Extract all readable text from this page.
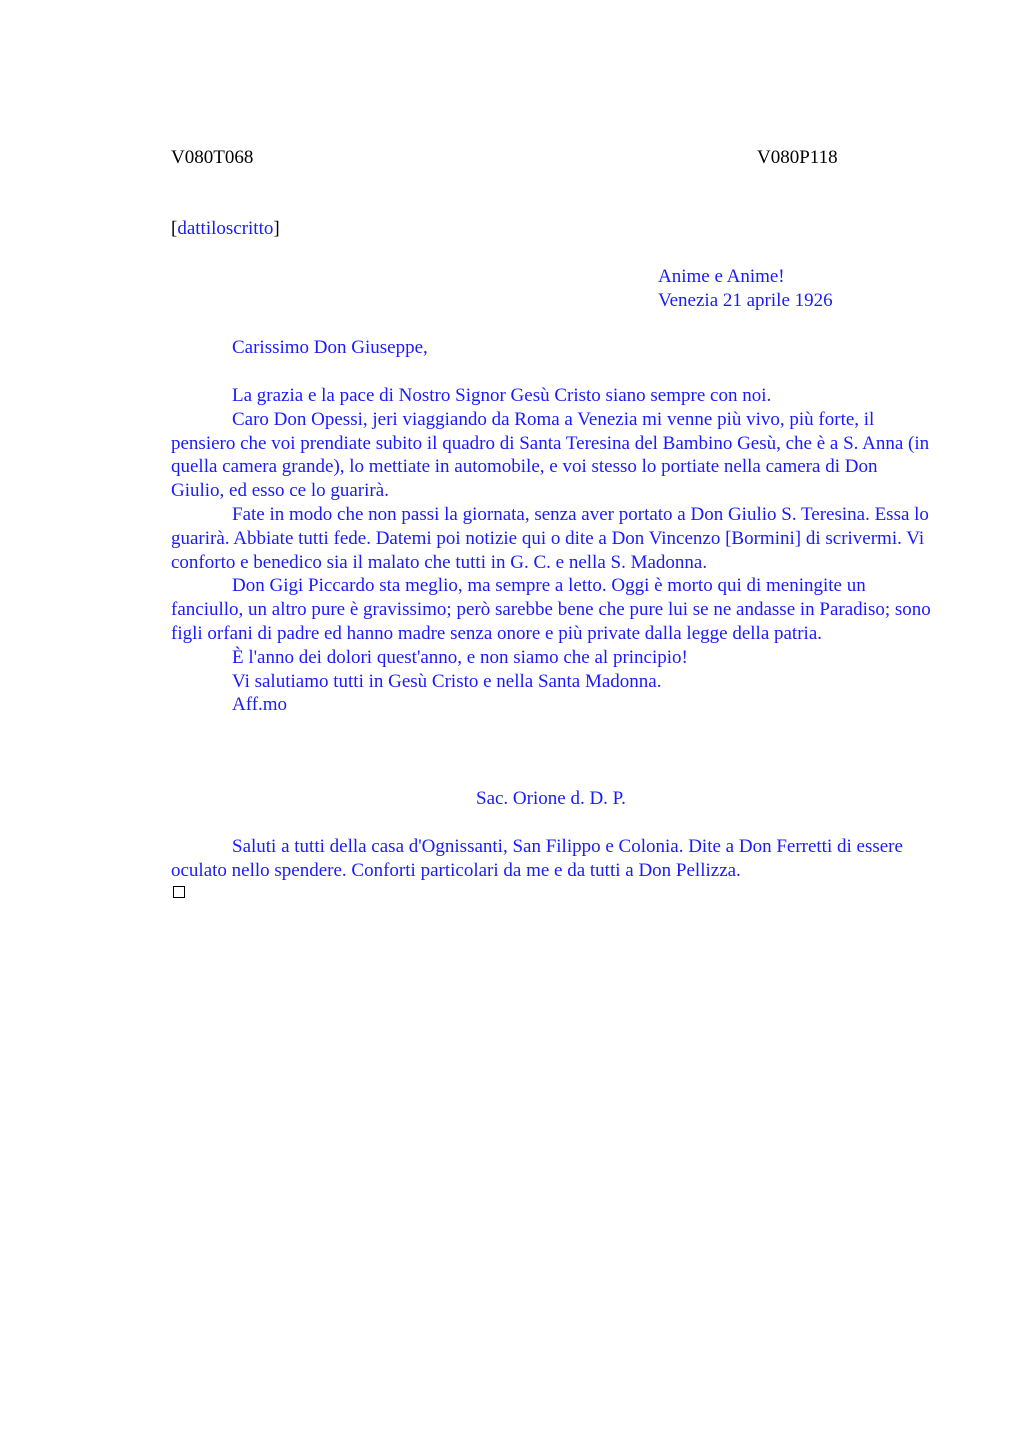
V080T068	V080P118
[dattiloscritto]
Anime e Anime!
Venezia 21 aprile 1926
Carissimo Don Giuseppe,

La grazia e la pace di Nostro Signor Gesù Cristo siano sempre con noi.

Caro Don Opessi, jeri viaggiando da Roma a Venezia mi venne più vivo, più forte, il pensiero che voi prendiate subito il quadro di Santa Teresina del Bambino Gesù, che è a S. Anna (in quella camera grande), lo mettiate in automobile, e voi stesso lo portiate nella camera di Don Giulio, ed esso ce lo guarirà.

Fate in modo che non passi la giornata, senza aver portato a Don Giulio S. Teresina. Essa lo guarirà. Abbiate tutti fede. Datemi poi notizie qui o dite a Don Vincenzo [Bormini] di scrivermi. Vi conforto e benedico sia il malato che tutti in G. C. e nella S. Madonna.

Don Gigi Piccardo sta meglio, ma sempre a letto. Oggi è morto qui di meningite un fanciullo, un altro pure è gravissimo; però sarebbe bene che pure lui se ne andasse in Paradiso; sono figli orfani di padre ed hanno madre senza onore e più private dalla legge della patria.

È l'anno dei dolori quest'anno, e non siamo che al principio!

Vi salutiamo tutti in Gesù Cristo e nella Santa Madonna.

Aff.mo

Sac. Orione d. D. P.

Saluti a tutti della casa d'Ognissanti, San Filippo e Colonia. Dite a Don Ferretti di essere oculato nello spendere. Conforti particolari da me e da tutti a Don Pellizza.
